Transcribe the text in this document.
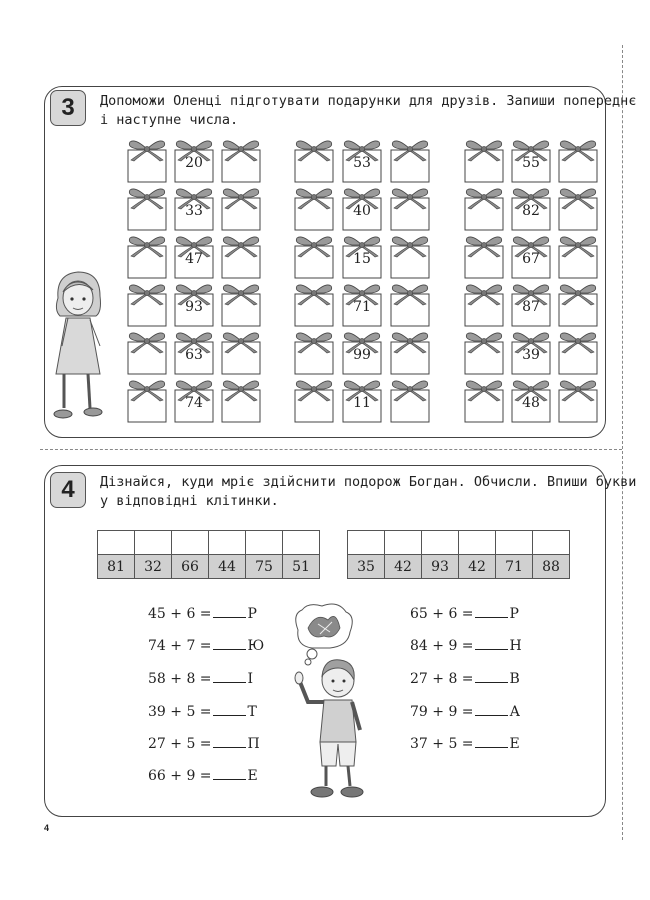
3	Допоможи Оленці підготувати подарунки для друзів. Запиши попереднє
і наступне числа.
20
33
47
93
63
74
53
40
15
71
99
11
55
82
67
87
39
48
4	Дізнайся, куди мріє здійснити подорож Богдан. Обчисли. Впиши букви
у відповідні клітинки.

81	32	66	44	75	51
						35	42	93	42	71	88
45 + 6 =	Р
74 + 7 =	Ю
58 + 8 =	І
39 + 5 =	Т
27 + 5 =	П
66 + 9 =	Е
65 + 6 =	Р
84 + 9 =	Н
27 + 8 =	В
79 + 9 =	А
37 + 5 =	Е
4
